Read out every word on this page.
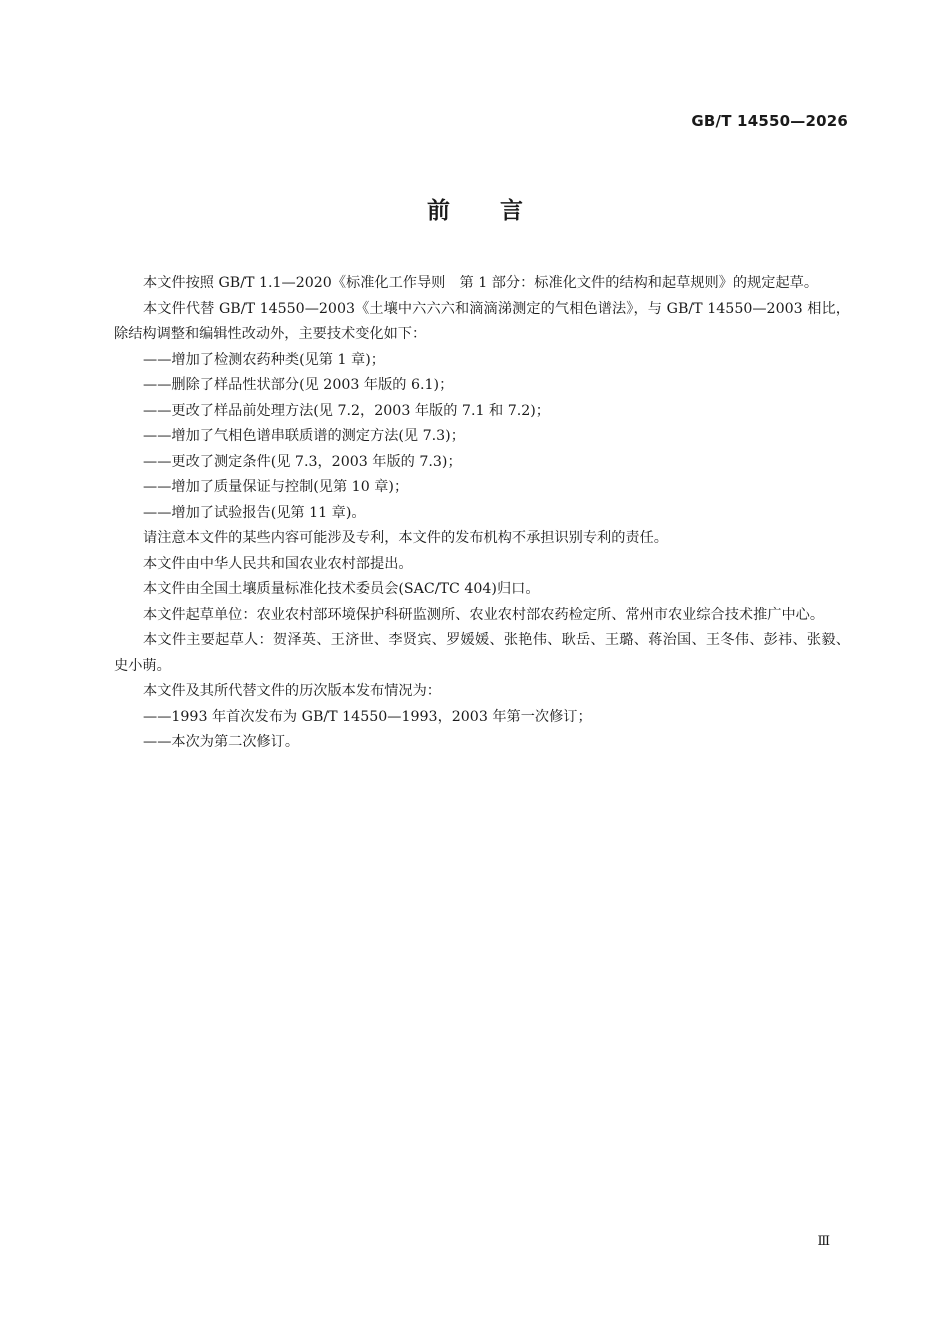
GB/T 14550—2026
前言

本文件按照 GB/T 1.1—2020《标准化工作导则　第 1 部分：标准化文件的结构和起草规则》的规定起草。

本文件代替 GB/T 14550—2003《土壤中六六六和滴滴涕测定的气相色谱法》，与 GB/T 14550—2003 相比，除结构调整和编辑性改动外，主要技术变化如下：

——增加了检测农药种类(见第 1 章)；

——删除了样品性状部分(见 2003 年版的 6.1)；

——更改了样品前处理方法(见 7.2，2003 年版的 7.1 和 7.2)；

——增加了气相色谱串联质谱的测定方法(见 7.3)；

——更改了测定条件(见 7.3，2003 年版的 7.3)；

——增加了质量保证与控制(见第 10 章)；

——增加了试验报告(见第 11 章)。

请注意本文件的某些内容可能涉及专利，本文件的发布机构不承担识别专利的责任。

本文件由中华人民共和国农业农村部提出。

本文件由全国土壤质量标准化技术委员会(SAC/TC 404)归口。

本文件起草单位：农业农村部环境保护科研监测所、农业农村部农药检定所、常州市农业综合技术推广中心。

本文件主要起草人：贺泽英、王济世、李贤宾、罗媛媛、张艳伟、耿岳、王璐、蒋治国、王冬伟、彭祎、张毅、史小萌。

本文件及其所代替文件的历次版本发布情况为：

——1993 年首次发布为 GB/T 14550—1993，2003 年第一次修订；

——本次为第二次修订。

Ⅲ
